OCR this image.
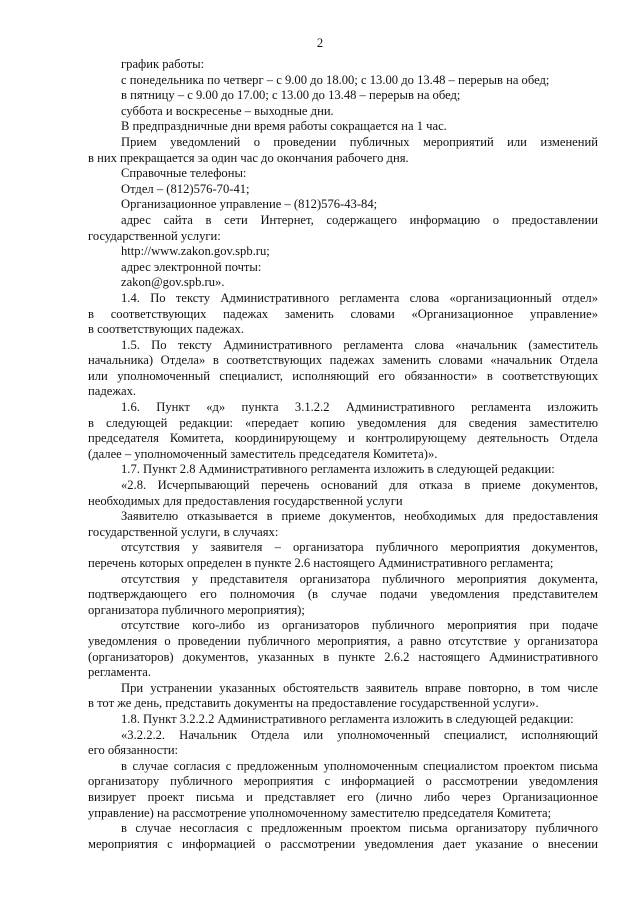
2
график работы:
с понедельника по четверг – с 9.00 до 18.00; с 13.00 до 13.48 – перерыв на обед;
в пятницу – с 9.00 до 17.00; с 13.00 до 13.48 – перерыв на обед;
суббота и воскресенье – выходные дни.
В предпраздничные дни время работы сокращается на 1 час.
Прием уведомлений о проведении публичных мероприятий или изменений
в них прекращается за один час до окончания рабочего дня.
Справочные телефоны:
Отдел – (812)576-70-41;
Организационное управление – (812)576-43-84;
адрес сайта в сети Интернет, содержащего информацию о предоставлении
государственной услуги:
http://www.zakon.gov.spb.ru;
адрес электронной почты:
zakon@gov.spb.ru».
1.4. По тексту Административного регламента слова «организационный отдел»
в соответствующих падежах заменить словами «Организационное управление»
в соответствующих падежах.
1.5. По тексту Административного регламента слова «начальник (заместитель
начальника) Отдела» в соответствующих падежах заменить словами «начальник Отдела
или уполномоченный специалист, исполняющий его обязанности» в соответствующих
падежах.
1.6. Пункт «д» пункта 3.1.2.2 Административного регламента изложить
в следующей редакции: «передает копию уведомления для сведения заместителю
председателя Комитета, координирующему и контролирующему деятельность Отдела
(далее – уполномоченный заместитель председателя Комитета)».
1.7. Пункт 2.8 Административного регламента изложить в следующей редакции:
«2.8. Исчерпывающий перечень оснований для отказа в приеме документов,
необходимых для предоставления государственной услуги
Заявителю отказывается в приеме документов, необходимых для предоставления
государственной услуги, в случаях:
отсутствия у заявителя – организатора публичного мероприятия документов,
перечень которых определен в пункте 2.6 настоящего Административного регламента;
отсутствия у представителя организатора публичного мероприятия документа,
подтверждающего его полномочия (в случае подачи уведомления представителем
организатора публичного мероприятия);
отсутствие кого-либо из организаторов публичного мероприятия при подаче
уведомления о проведении публичного мероприятия, а равно отсутствие у организатора
(организаторов) документов, указанных в пункте 2.6.2 настоящего Административного
регламента.
При устранении указанных обстоятельств заявитель вправе повторно, в том числе
в тот же день, представить документы на предоставление государственной услуги».
1.8. Пункт 3.2.2.2 Административного регламента изложить в следующей редакции:
«3.2.2.2. Начальник Отдела или уполномоченный специалист, исполняющий
его обязанности:
в случае согласия с предложенным уполномоченным специалистом проектом письма
организатору публичного мероприятия с информацией о рассмотрении уведомления
визирует проект письма и представляет его (лично либо через Организационное
управление) на рассмотрение уполномоченному заместителю председателя Комитета;
в случае несогласия с предложенным проектом письма организатору публичного
мероприятия с информацией о рассмотрении уведомления дает указание о внесении
